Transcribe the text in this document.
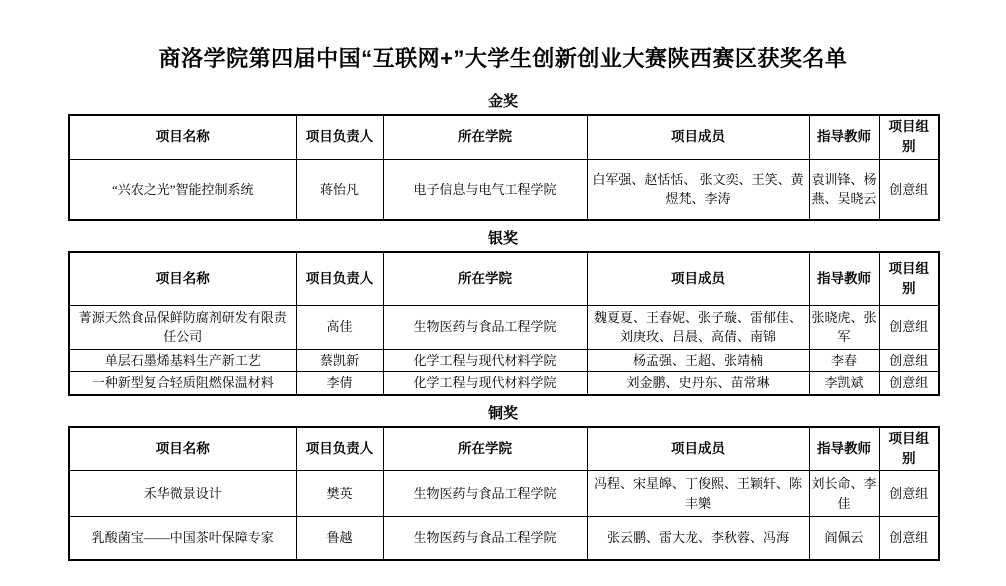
商洛学院第四届中国“互联网+”大学生创新创业大赛陕西赛区获奖名单
金奖
项目名称	项目负责人	所在学院	项目成员	指导教师	项目组别
“兴农之光”智能控制系统	蒋怡凡	电子信息与电气工程学院	白军强、赵恬恬、 张文奕、王笑、黄煜梵、李涛	袁训锋、杨燕、吴晓云	创意组
银奖
项目名称	项目负责人	所在学院	项目成员	指导教师	项目组别
菁源天然食品保鲜防腐剂研发有限责任公司	高佳	生物医药与食品工程学院	魏夏夏、王春妮、张子璇、雷郁佳、刘庚玫、吕晨、高倩、南锦	张晓虎、张军	创意组
单层石墨烯基料生产新工艺	蔡凯新	化学工程与现代材料学院	杨孟强、王超、张靖楠	李春	创意组
一种新型复合轻质阻燃保温材料	李倩	化学工程与现代材料学院	刘金鹏、史丹东、苗常琳	李凯斌	创意组
铜奖
项目名称	项目负责人	所在学院	项目成员	指导教师	项目组别
禾华微景设计	樊英	生物医药与食品工程学院	冯程、宋星皞、丁俊熙、王颖轩、陈丰樂	刘长命、李佳	创意组
乳酸菌宝——中国茶叶保障专家	鲁越	生物医药与食品工程学院	张云鹏、雷大龙、李秋蓉、冯海	阎佩云	创意组
